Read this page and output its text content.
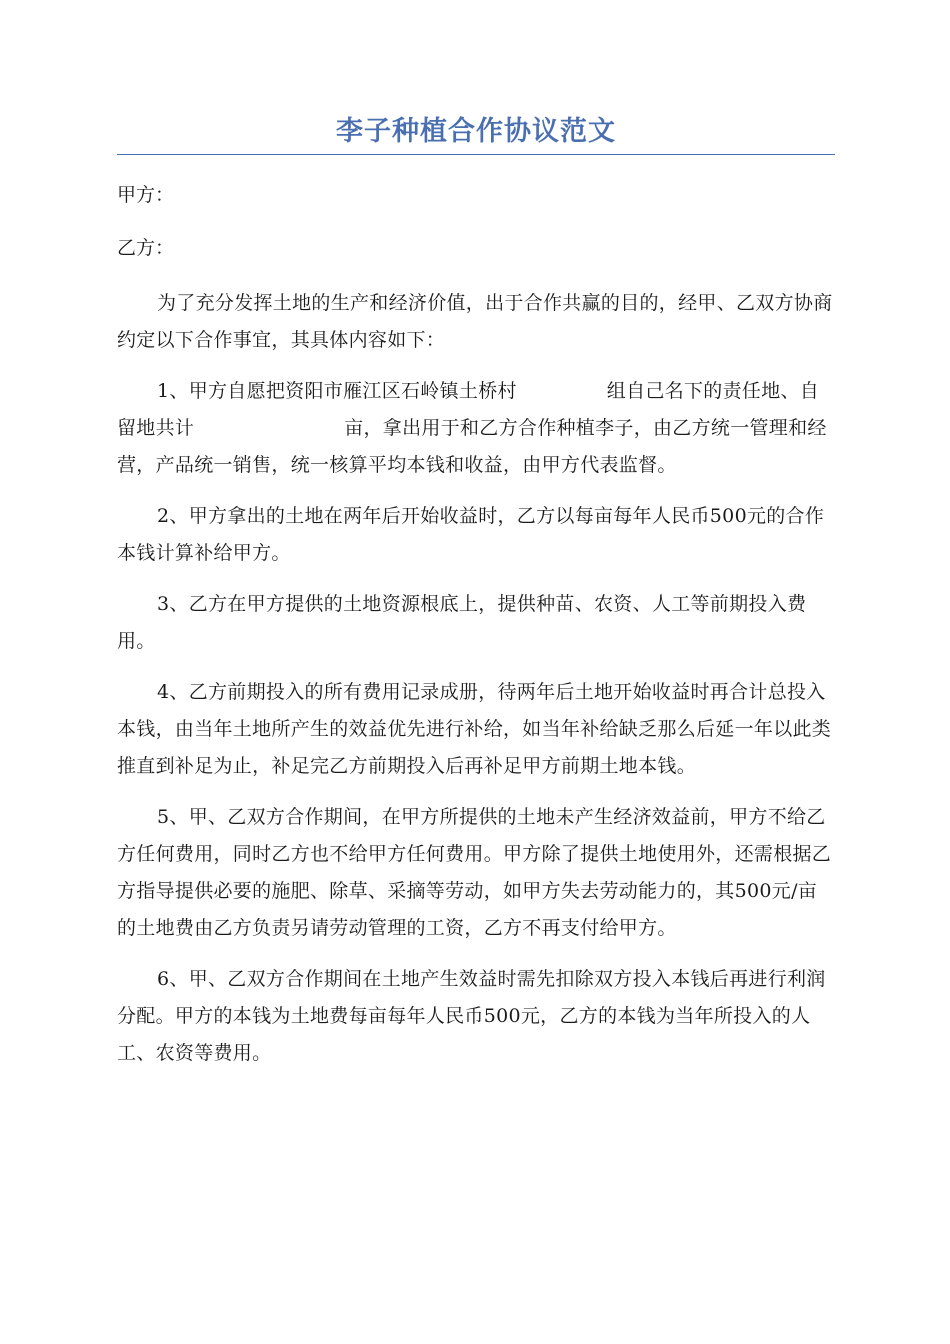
李子种植合作协议范文

甲方：

乙方：

为了充分发挥土地的生产和经济价值，出于合作共赢的目的，经甲、乙双方协商约定以下合作事宜，其具体内容如下：

1、甲方自愿把资阳市雁江区石岭镇土桥村	组自己名下的责任地、自留地共计	亩，拿出用于和乙方合作种植李子，由乙方统一管理和经营，产品统一销售，统一核算平均本钱和收益，由甲方代表监督。

2、甲方拿出的土地在两年后开始收益时，乙方以每亩每年人民币500元的合作本钱计算补给甲方。

3、乙方在甲方提供的土地资源根底上，提供种苗、农资、人工等前期投入费用。

4、乙方前期投入的所有费用记录成册，待两年后土地开始收益时再合计总投入本钱，由当年土地所产生的效益优先进行补给，如当年补给缺乏那么后延一年以此类推直到补足为止，补足完乙方前期投入后再补足甲方前期土地本钱。

5、甲、乙双方合作期间，在甲方所提供的土地未产生经济效益前，甲方不给乙方任何费用，同时乙方也不给甲方任何费用。甲方除了提供土地使用外，还需根据乙方指导提供必要的施肥、除草、采摘等劳动，如甲方失去劳动能力的，其500元/亩的土地费由乙方负责另请劳动管理的工资，乙方不再支付给甲方。

6、甲、乙双方合作期间在土地产生效益时需先扣除双方投入本钱后再进行利润分配。甲方的本钱为土地费每亩每年人民币500元，乙方的本钱为当年所投入的人工、农资等费用。
